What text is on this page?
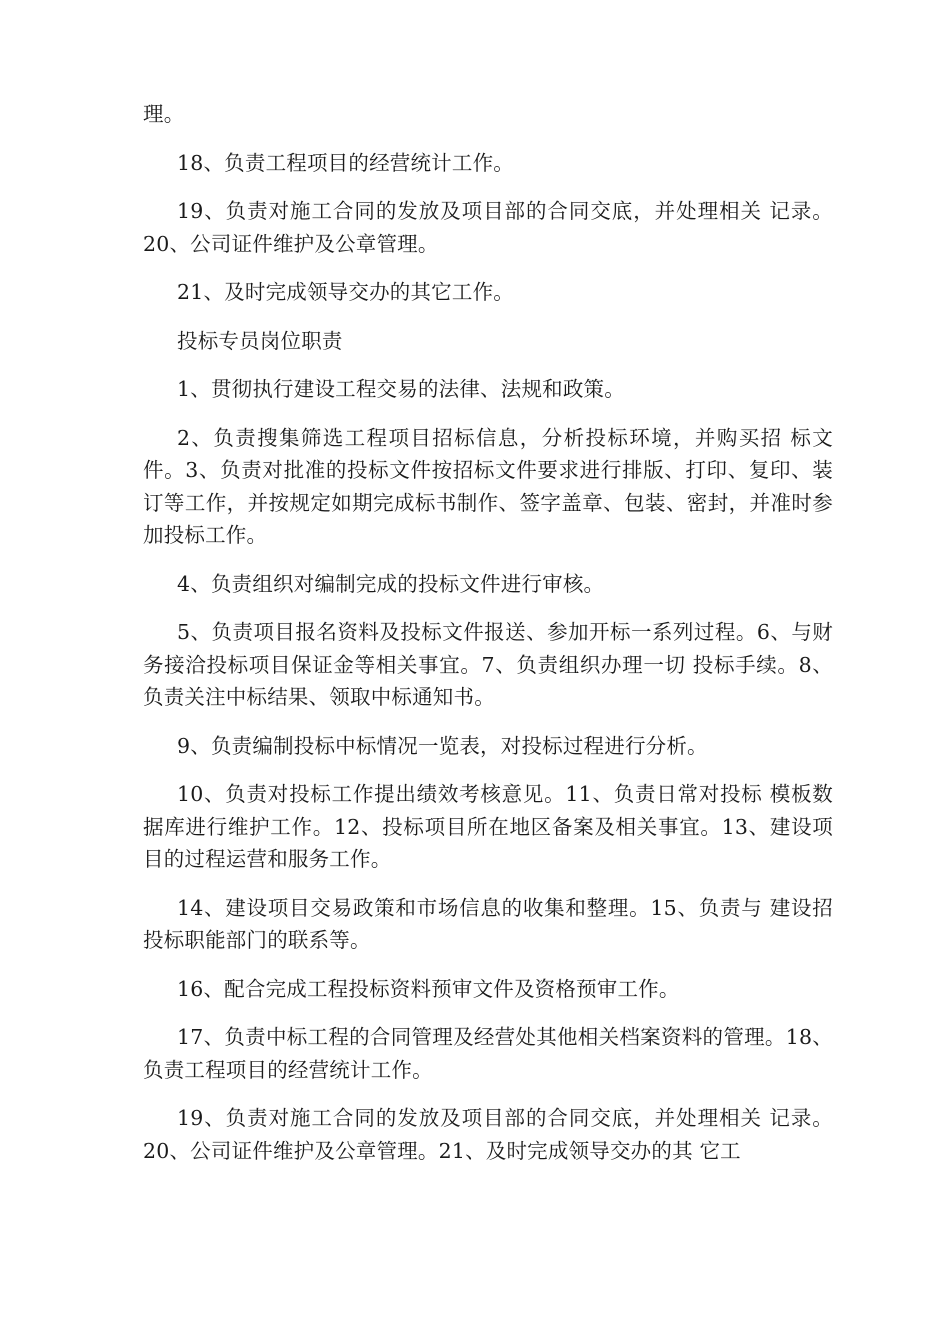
理。

18、负责工程项目的经营统计工作。

19、负责对施工合同的发放及项目部的合同交底，并处理相关 记录。20、公司证件维护及公章管理。

21、及时完成领导交办的其它工作。

投标专员岗位职责

1、贯彻执行建设工程交易的法律、法规和政策。

2、负责搜集筛选工程项目招标信息，分析投标环境，并购买招 标文件。3、负责对批准的投标文件按招标文件要求进行排版、打印、复印、装订等工作，并按规定如期完成标书制作、签字盖章、包装、密封，并准时参加投标工作。

4、负责组织对编制完成的投标文件进行审核。

5、负责项目报名资料及投标文件报送、参加开标一系列过程。6、与财务接洽投标项目保证金等相关事宜。7、负责组织办理一切 投标手续。8、负责关注中标结果、领取中标通知书。

9、负责编制投标中标情况一览表，对投标过程进行分析。

10、负责对投标工作提出绩效考核意见。11、负责日常对投标 模板数据库进行维护工作。12、投标项目所在地区备案及相关事宜。13、建设项目的过程运营和服务工作。

14、建设项目交易政策和市场信息的收集和整理。15、负责与 建设招投标职能部门的联系等。

16、配合完成工程投标资料预审文件及资格预审工作。

17、负责中标工程的合同管理及经营处其他相关档案资料的管理。18、负责工程项目的经营统计工作。

19、负责对施工合同的发放及项目部的合同交底，并处理相关 记录。20、公司证件维护及公章管理。21、及时完成领导交办的其 它工
